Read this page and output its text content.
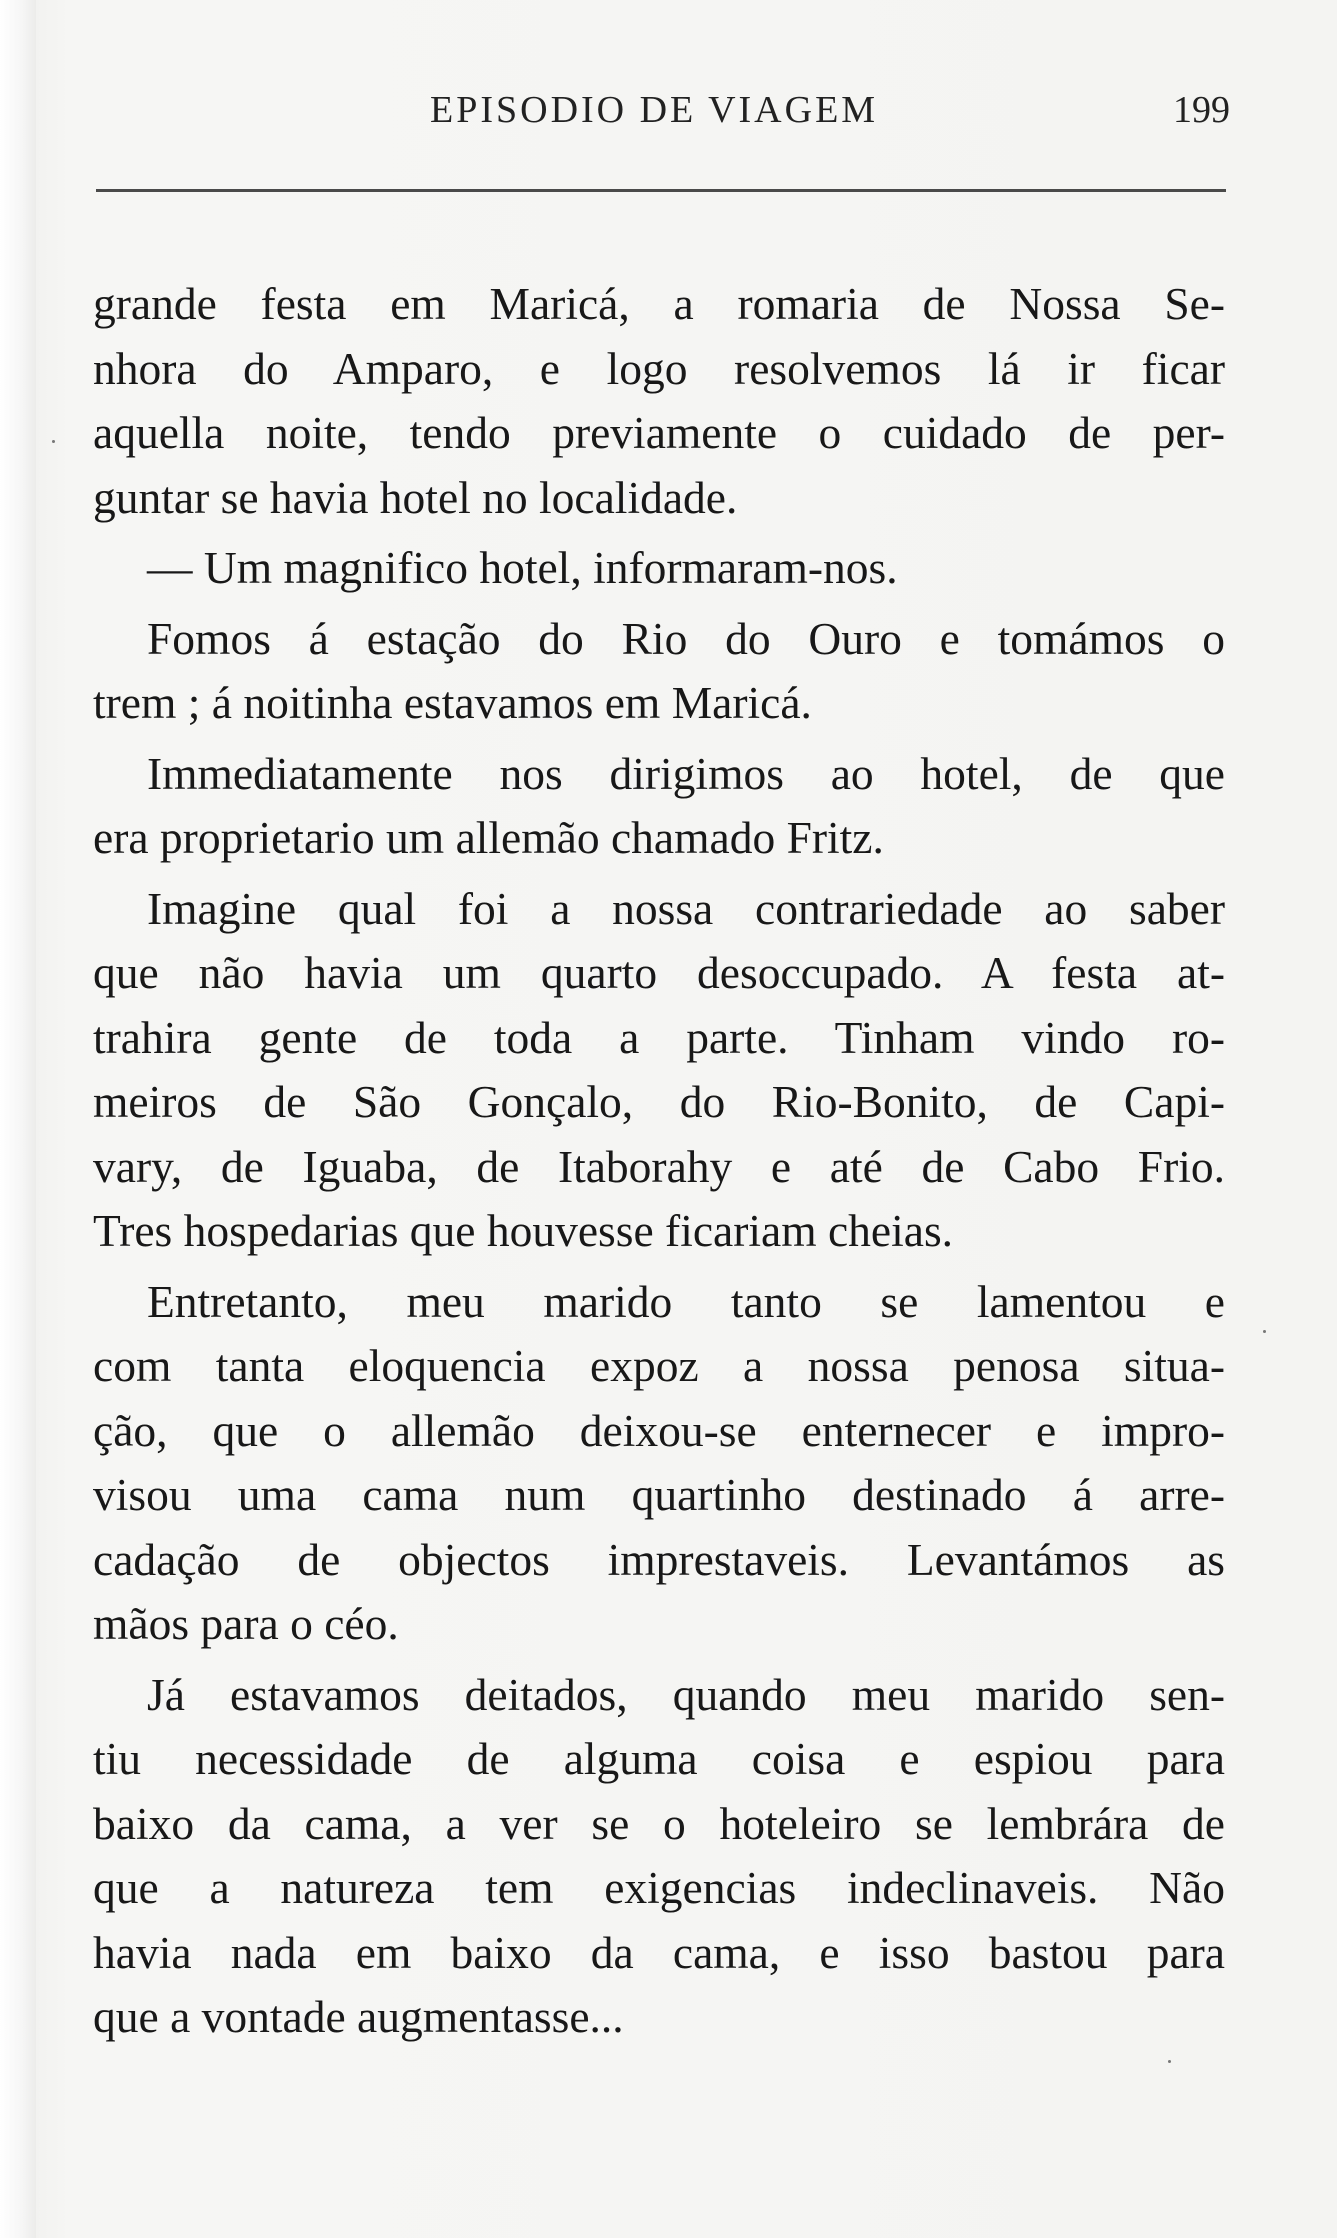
EPISODIO DE VIAGEM	199

grande festa em Maricá, a romaria de Nossa Se-
nhora do Amparo, e logo resolvemos lá ir ficar
aquella noite, tendo previamente o cuidado de per-
guntar se havia hotel no localidade.

— Um magnifico hotel, informaram-nos.

Fomos á estação do Rio do Ouro e tomámos o
trem ; á noitinha estavamos em Maricá.

Immediatamente nos dirigimos ao hotel, de que
era proprietario um allemão chamado Fritz.

Imagine qual foi a nossa contrariedade ao saber
que não havia um quarto desoccupado. A festa at-
trahira gente de toda a parte. Tinham vindo ro-
meiros de São Gonçalo, do Rio-Bonito, de Capi-
vary, de Iguaba, de Itaborahy e até de Cabo Frio.
Tres hospedarias que houvesse ficariam cheias.

Entretanto, meu marido tanto se lamentou e
com tanta eloquencia expoz a nossa penosa situa-
ção, que o allemão deixou-se enternecer e impro-
visou uma cama num quartinho destinado á arre-
cadação de objectos imprestaveis. Levantámos as
mãos para o céo.

Já estavamos deitados, quando meu marido sen-
tiu necessidade de alguma coisa e espiou para
baixo da cama, a ver se o hoteleiro se lembrára de
que a natureza tem exigencias indeclinaveis. Não
havia nada em baixo da cama, e isso bastou para
que a vontade augmentasse...
